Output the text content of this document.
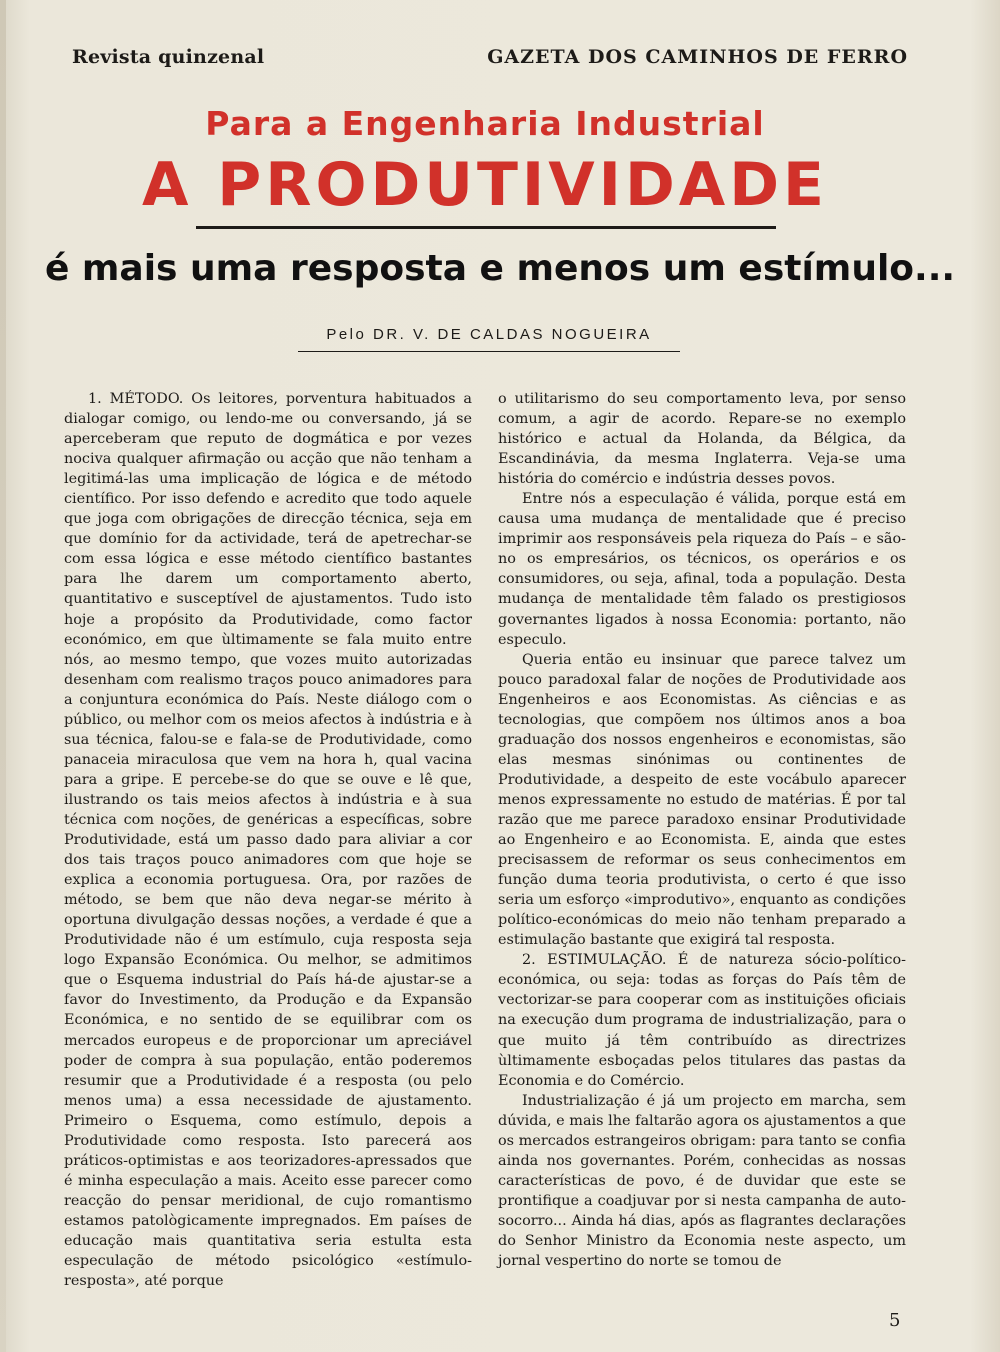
Revista quinzenal	GAZETA DOS CAMINHOS DE FERRO
Para a Engenharia Industrial
A PRODUTIVIDADE
é mais uma resposta e menos um estímulo...
Pelo DR. V. DE CALDAS NOGUEIRA

1. MÉTODO. Os leitores, porventura habituados a dialogar comigo, ou lendo-me ou conversando, já se aperceberam que reputo de dogmática e por vezes nociva qualquer afirmação ou acção que não tenham a legitimá-las uma implicação de lógica e de método científico. Por isso defendo e acredito que todo aquele que joga com obrigações de direcção técnica, seja em que domínio for da actividade, terá de apetrechar-se com essa lógica e esse método científico bastantes para lhe darem um comportamento aberto, quantitativo e susceptível de ajustamentos. Tudo isto hoje a propósito da Produtividade, como factor económico, em que ùltimamente se fala muito entre nós, ao mesmo tempo, que vozes muito autorizadas desenham com realismo traços pouco animadores para a conjuntura económica do País. Neste diálogo com o público, ou melhor com os meios afectos à indústria e à sua técnica, falou-se e fala-se de Produtividade, como panaceia miraculosa que vem na hora h, qual vacina para a gripe. E percebe-se do que se ouve e lê que, ilustrando os tais meios afectos à indústria e à sua técnica com noções, de genéricas a específicas, sobre Produtividade, está um passo dado para aliviar a cor dos tais traços pouco animadores com que hoje se explica a economia portuguesa. Ora, por razões de método, se bem que não deva negar-se mérito à oportuna divulgação dessas noções, a verdade é que a Produtividade não é um estímulo, cuja resposta seja logo Expansão Económica. Ou melhor, se admitimos que o Esquema industrial do País há-de ajustar-se a favor do Investimento, da Produção e da Expansão Económica, e no sentido de se equilibrar com os mercados europeus e de proporcionar um apreciável poder de compra à sua população, então poderemos resumir que a Produtividade é a resposta (ou pelo menos uma) a essa necessidade de ajustamento. Primeiro o Esquema, como estímulo, depois a Produtividade como resposta. Isto parecerá aos práticos-optimistas e aos teorizadores-apressados que é minha especulação a mais. Aceito esse parecer como reacção do pensar meridional, de cujo romantismo estamos patològicamente impregnados. Em países de educação mais quantitativa seria estulta esta especulação de método psicológico «estímulo-resposta», até porque

o utilitarismo do seu comportamento leva, por senso comum, a agir de acordo. Repare-se no exemplo histórico e actual da Holanda, da Bélgica, da Escandinávia, da mesma Inglaterra. Veja-se uma história do comércio e indústria desses povos.

Entre nós a especulação é válida, porque está em causa uma mudança de mentalidade que é preciso imprimir aos responsáveis pela riqueza do País – e são-no os empresários, os técnicos, os operários e os consumidores, ou seja, afinal, toda a população. Desta mudança de mentalidade têm falado os prestigiosos governantes ligados à nossa Economia: portanto, não especulo.

Queria então eu insinuar que parece talvez um pouco paradoxal falar de noções de Produtividade aos Engenheiros e aos Economistas. As ciências e as tecnologias, que compõem nos últimos anos a boa graduação dos nossos engenheiros e economistas, são elas mesmas sinónimas ou continentes de Produtividade, a despeito de este vocábulo aparecer menos expressamente no estudo de matérias. É por tal razão que me parece paradoxo ensinar Produtividade ao Engenheiro e ao Economista. E, ainda que estes precisassem de reformar os seus conhecimentos em função duma teoria produtivista, o certo é que isso seria um esforço «improdutivo», enquanto as condições político-económicas do meio não tenham preparado a estimulação bastante que exigirá tal resposta.

2. ESTIMULAÇÃO. É de natureza sócio-político-económica, ou seja: todas as forças do País têm de vectorizar-se para cooperar com as instituições oficiais na execução dum programa de industrialização, para o que muito já têm contribuído as directrizes ùltimamente esboçadas pelos titulares das pastas da Economia e do Comércio.

Industrialização é já um projecto em marcha, sem dúvida, e mais lhe faltarão agora os ajustamentos a que os mercados estrangeiros obrigam: para tanto se confia ainda nos governantes. Porém, conhecidas as nossas características de povo, é de duvidar que este se prontifique a coadjuvar por si nesta campanha de auto-socorro... Ainda há dias, após as flagrantes declarações do Senhor Ministro da Economia neste aspecto, um jornal vespertino do norte se tomou de

5
